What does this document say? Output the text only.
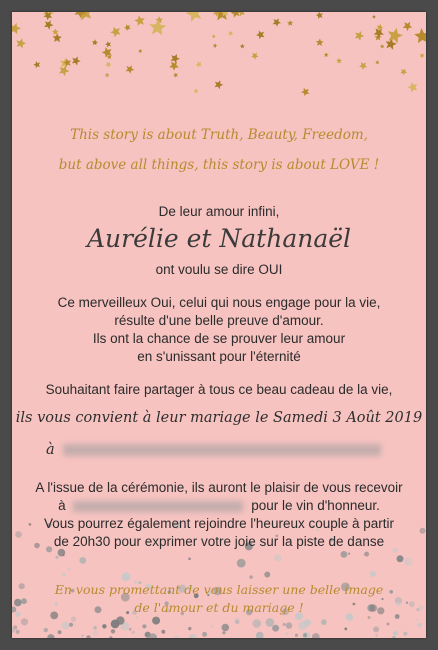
This story is about Truth, Beauty, Freedom,
but above all things, this story is about LOVE !
De leur amour infini,
Aurélie et Nathanaël
ont voulu se dire OUI
Ce merveilleux Oui, celui qui nous engage pour la vie,
résulte d'une belle preuve d'amour.
Ils ont la chance de se prouver leur amour
en s'unissant pour l'éternité
Souhaitant faire partager à tous ce beau cadeau de la vie,
ils vous convient à leur mariage le Samedi 3 Août 2019
à
A l'issue de la cérémonie, ils auront le plaisir de vous recevoir
à	pour le vin d'honneur.
Vous pourrez également rejoindre l'heureux couple à partir
de 20h30 pour exprimer votre joie sur la piste de danse
En vous promettant de vous laisser une belle image
de l'amour et du mariage !
